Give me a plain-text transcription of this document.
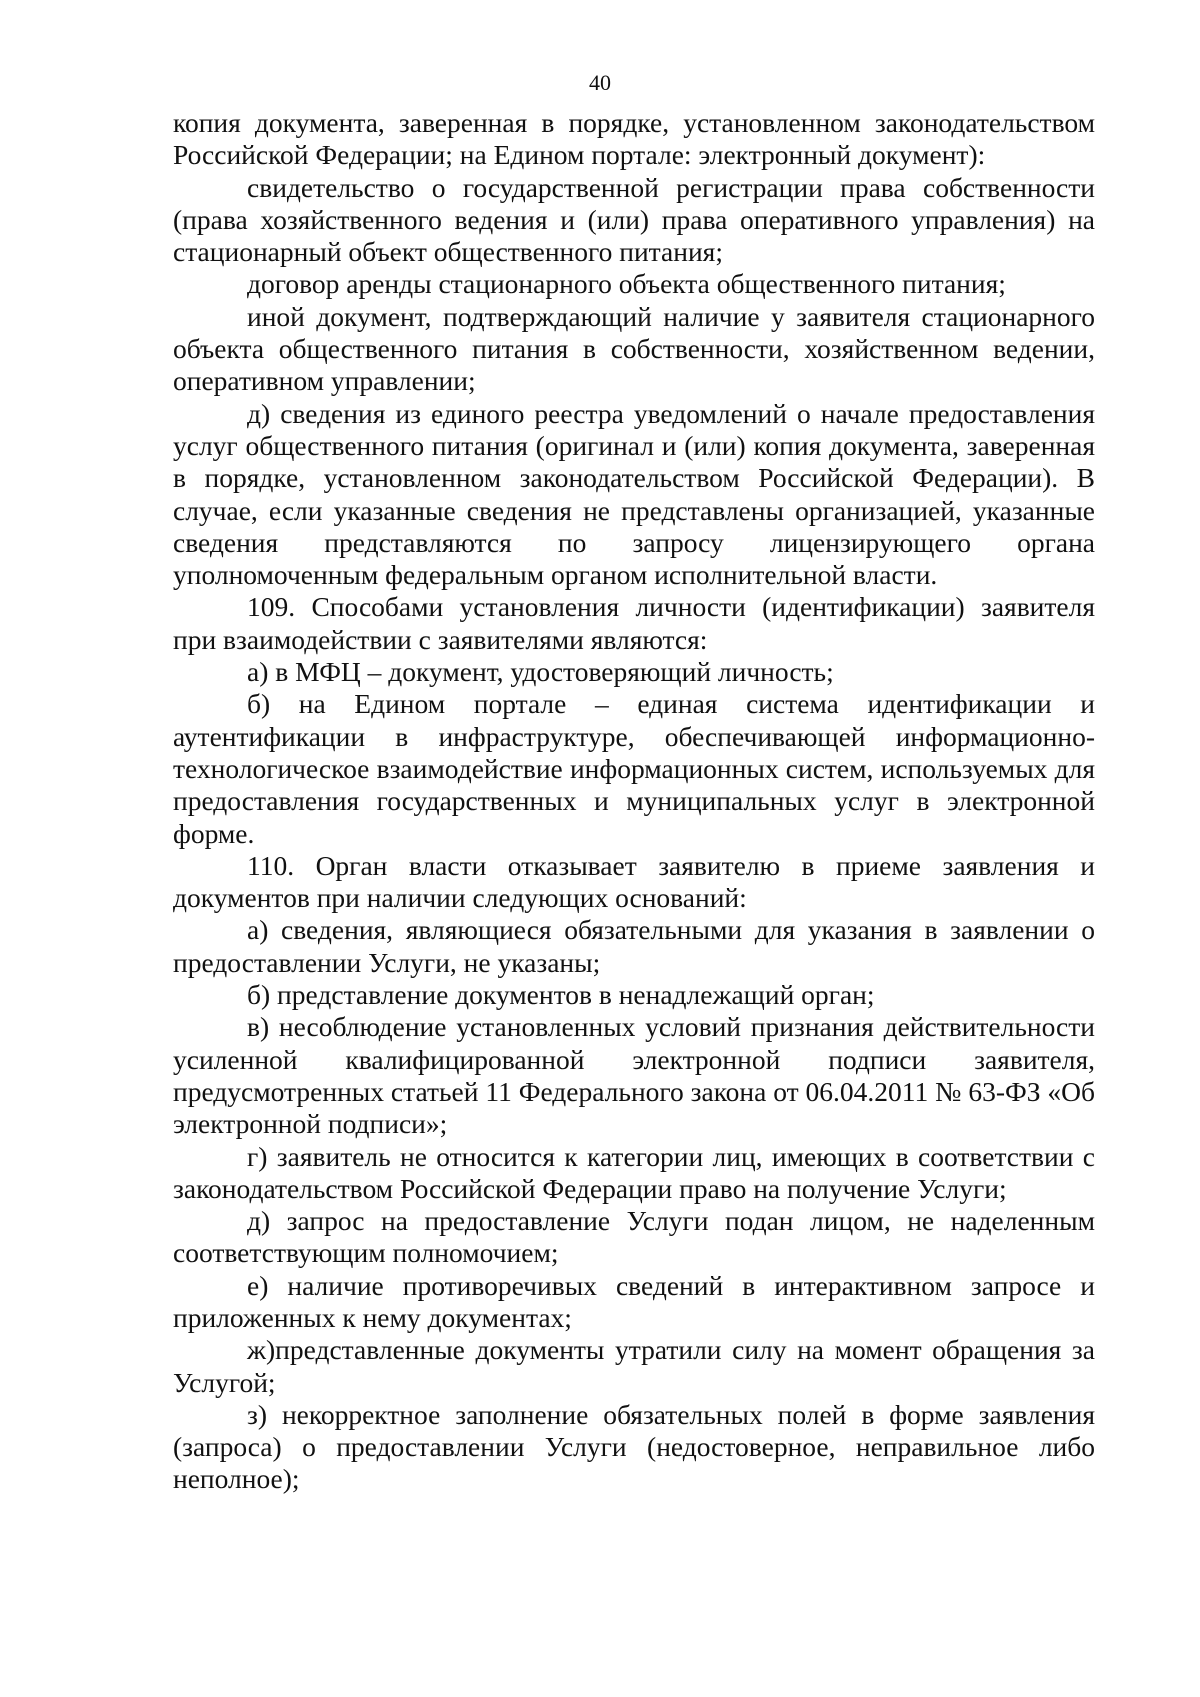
40

копия документа, заверенная в порядке, установленном законодательством Российской Федерации; на Едином портале: электронный документ):

свидетельство о государственной регистрации права собственности (права хозяйственного ведения и (или) права оперативного управления) на стационарный объект общественного питания;

договор аренды стационарного объекта общественного питания;

иной документ, подтверждающий наличие у заявителя стационарного объекта общественного питания в собственности, хозяйственном ведении, оперативном управлении;

д) сведения из единого реестра уведомлений о начале предоставления услуг общественного питания (оригинал и (или) копия документа, заверенная в порядке, установленном законодательством Российской Федерации). В случае, если указанные сведения не представлены организацией, указанные сведения представляются по запросу лицензирующего органа уполномоченным федеральным органом исполнительной власти.

109. Способами установления личности (идентификации) заявителя при взаимодействии с заявителями являются:

а) в МФЦ – документ, удостоверяющий личность;

б) на Едином портале – единая система идентификации и аутентификации в инфраструктуре, обеспечивающей информационно-технологическое взаимодействие информационных систем, используемых для предоставления государственных и муниципальных услуг в электронной форме.

110. Орган власти отказывает заявителю в приеме заявления и документов при наличии следующих оснований:

а) сведения, являющиеся обязательными для указания в заявлении о предоставлении Услуги, не указаны;

б) представление документов в ненадлежащий орган;

в) несоблюдение установленных условий признания действительности усиленной квалифицированной электронной подписи заявителя, предусмотренных статьей 11 Федерального закона от 06.04.2011 № 63-ФЗ «Об электронной подписи»;

г) заявитель не относится к категории лиц, имеющих в соответствии с законодательством Российской Федерации право на получение Услуги;

д) запрос на предоставление Услуги подан лицом, не наделенным соответствующим полномочием;

е) наличие противоречивых сведений в интерактивном запросе и приложенных к нему документах;

ж)представленные документы утратили силу на момент обращения за Услугой;

з) некорректное заполнение обязательных полей в форме заявления (запроса) о предоставлении Услуги (недостоверное, неправильное либо неполное);
